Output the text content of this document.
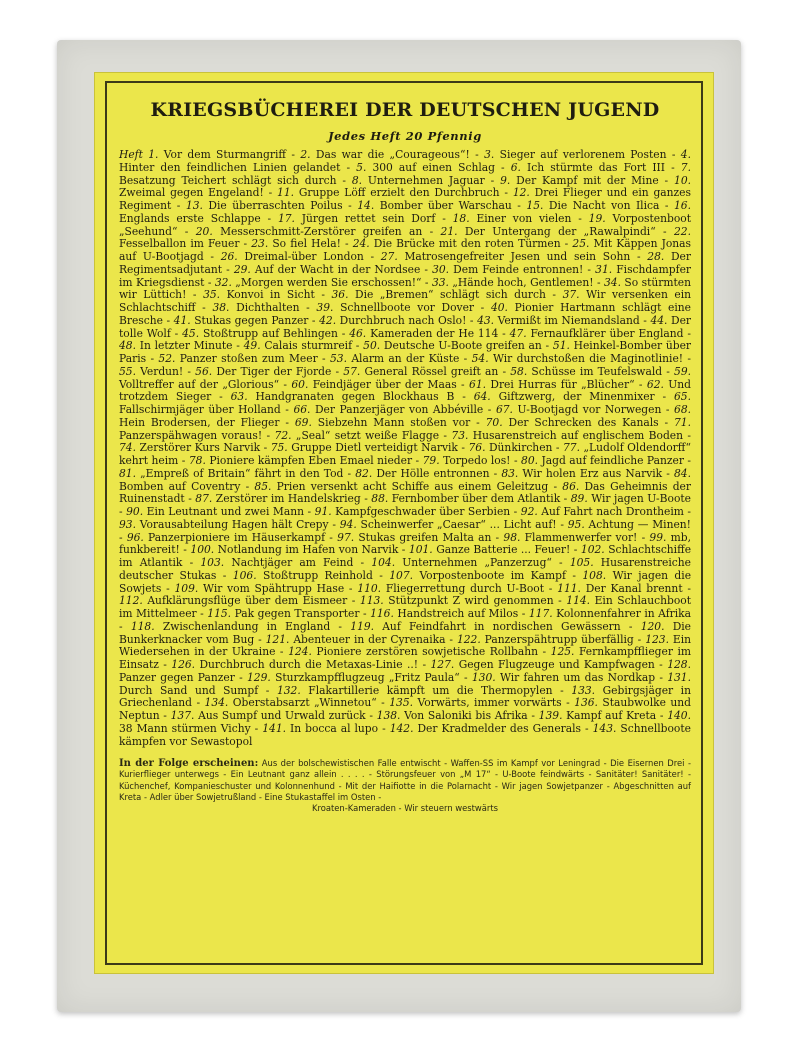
KRIEGSBÜCHEREI DER DEUTSCHEN JUGEND
Jedes Heft 20 Pfennig

Heft 1. Vor dem Sturmangriff - 2. Das war die „Courageous“! - 3. Sieger auf verlorenem Posten - 4. Hinter den feindlichen Linien gelandet - 5. 300 auf einen Schlag - 6. Ich stürmte das Fort III - 7. Besatzung Teichert schlägt sich durch - 8. Unternehmen Jaguar - 9. Der Kampf mit der Mine - 10. Zweimal gegen Engeland! - 11. Gruppe Löff erzielt den Durchbruch - 12. Drei Flieger und ein ganzes Regiment - 13. Die überraschten Poilus - 14. Bomber über Warschau - 15. Die Nacht von Ilica - 16. Englands erste Schlappe - 17. Jürgen rettet sein Dorf - 18. Einer von vielen - 19. Vorpostenboot „Seehund“ - 20. Messerschmitt-Zerstörer greifen an - 21. Der Untergang der „Rawalpindi“ - 22. Fesselballon im Feuer - 23. So fiel Hela! - 24. Die Brücke mit den roten Türmen - 25. Mit Käppen Jonas auf U-Bootjagd - 26. Dreimal-über London - 27. Matrosengefreiter Jesen und sein Sohn - 28. Der Regimentsadjutant - 29. Auf der Wacht in der Nordsee - 30. Dem Feinde entronnen! - 31. Fischdampfer im Kriegsdienst - 32. „Morgen werden Sie erschossen!“ - 33. „Hände hoch, Gentlemen! - 34. So stürmten wir Lüttich! - 35. Konvoi in Sicht - 36. Die „Bremen“ schlägt sich durch - 37. Wir versenken ein Schlachtschiff - 38. Dichthalten - 39. Schnellboote vor Dover - 40. Pionier Hartmann schlägt eine Bresche - 41. Stukas gegen Panzer - 42. Durchbruch nach Oslo! - 43. Vermißt im Niemandsland - 44. Der tolle Wolf - 45. Stoßtrupp auf Behlingen - 46. Kameraden der He 114 - 47. Fernaufklärer über England - 48. In letzter Minute - 49. Calais sturmreif - 50. Deutsche U-Boote greifen an - 51. Heinkel-Bomber über Paris - 52. Panzer stoßen zum Meer - 53. Alarm an der Küste - 54. Wir durchstoßen die Maginotlinie! - 55. Verdun! - 56. Der Tiger der Fjorde - 57. General Rössel greift an - 58. Schüsse im Teufelswald - 59. Volltreffer auf der „Glorious“ - 60. Feindjäger über der Maas - 61. Drei Hurras für „Blücher“ - 62. Und trotzdem Sieger - 63. Handgranaten gegen Blockhaus B - 64. Giftzwerg, der Minenmixer - 65. Fallschirmjäger über Holland - 66. Der Panzerjäger von Abbéville - 67. U-Bootjagd vor Norwegen - 68. Hein Brodersen, der Flieger - 69. Siebzehn Mann stoßen vor - 70. Der Schrecken des Kanals - 71. Panzerspähwagen voraus! - 72. „Seal“ setzt weiße Flagge - 73. Husarenstreich auf englischem Boden - 74. Zerstörer Kurs Narvik - 75. Gruppe Dietl verteidigt Narvik - 76. Dünkirchen - 77. „Ludolf Oldendorff“ kehrt heim - 78. Pioniere kämpfen Eben Emael nieder - 79. Torpedo los! - 80. Jagd auf feindliche Panzer - 81. „Empreß of Britain“ fährt in den Tod - 82. Der Hölle entronnen - 83. Wir holen Erz aus Narvik - 84. Bomben auf Coventry - 85. Prien versenkt acht Schiffe aus einem Geleitzug - 86. Das Geheimnis der Ruinenstadt - 87. Zerstörer im Handelskrieg - 88. Fernbomber über dem Atlantik - 89. Wir jagen U-Boote - 90. Ein Leutnant und zwei Mann - 91. Kampfgeschwader über Serbien - 92. Auf Fahrt nach Drontheim - 93. Vorausabteilung Hagen hält Crepy - 94. Scheinwerfer „Caesar“ ... Licht auf! - 95. Achtung — Minen! - 96. Panzerpioniere im Häuserkampf - 97. Stukas greifen Malta an - 98. Flammenwerfer vor! - 99. mb, funkbereit! - 100. Notlandung im Hafen von Narvik - 101. Ganze Batterie ... Feuer! - 102. Schlachtschiffe im Atlantik - 103. Nachtjäger am Feind - 104. Unternehmen „Panzerzug“ - 105. Husarenstreiche deutscher Stukas - 106. Stoßtrupp Reinhold - 107. Vorpostenboote im Kampf - 108. Wir jagen die Sowjets - 109. Wir vom Spähtrupp Hase - 110. Fliegerrettung durch U-Boot - 111. Der Kanal brennt - 112. Aufklärungsflüge über dem Eismeer - 113. Stützpunkt Z wird genommen - 114. Ein Schlauchboot im Mittelmeer - 115. Pak gegen Transporter - 116. Handstreich auf Milos - 117. Kolonnenfahrer in Afrika - 118. Zwischenlandung in England - 119. Auf Feindfahrt in nordischen Gewässern - 120. Die Bunkerknacker vom Bug - 121. Abenteuer in der Cyrenaika - 122. Panzerspähtrupp überfällig - 123. Ein Wiedersehen in der Ukraine - 124. Pioniere zerstören sowjetische Rollbahn - 125. Fernkampfflieger im Einsatz - 126. Durchbruch durch die Metaxas-Linie ..! - 127. Gegen Flugzeuge und Kampfwagen - 128. Panzer gegen Panzer - 129. Sturzkampfflugzeug „Fritz Paula“ - 130. Wir fahren um das Nordkap - 131. Durch Sand und Sumpf - 132. Flakartillerie kämpft um die Thermopylen - 133. Gebirgsjäger in Griechenland - 134. Oberstabsarzt „Winnetou“ - 135. Vorwärts, immer vorwärts - 136. Staubwolke und Neptun - 137. Aus Sumpf und Urwald zurück - 138. Von Saloniki bis Afrika - 139. Kampf auf Kreta - 140. 38 Mann stürmen Vichy - 141. In bocca al lupo - 142. Der Kradmelder des Generals - 143. Schnellboote kämpfen vor Sewastopol

In der Folge erscheinen: Aus der bolschewistischen Falle entwischt - Waffen-SS im Kampf vor Leningrad - Die Eisernen Drei - Kurierflieger unterwegs - Ein Leutnant ganz allein . . . . - Störungsfeuer von „M 17“ - U-Boote feindwärts - Sanitäter! Sanitäter! - Küchenchef, Kompanieschuster und Kolonnenhund - Mit der Haifiotte in die Polarnacht - Wir jagen Sowjetpanzer - Abgeschnitten auf Kreta - Adler über Sowjetrußland - Eine Stukastaffel im Osten -
Kroaten-Kameraden - Wir steuern westwärts
